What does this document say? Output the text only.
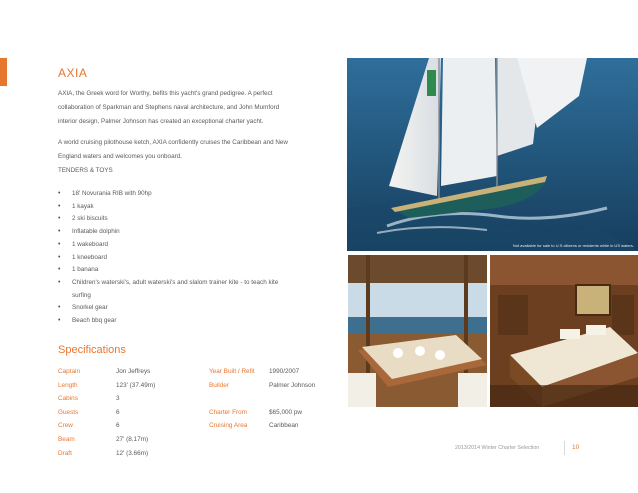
AXIA
AXIA, the Greek word for Worthy, befits this yacht's grand pedigree. A perfect collaboration of Sparkman and Stephens naval architecture, and John Mumford interior design, Palmer Johnson has created an exceptional charter yacht.
A world cruising pilothouse ketch, AXIA confidently cruises the Caribbean and New England waters and welcomes you onboard.
TENDERS & TOYS
• 18' Novurania RIB with 90hp
• 1 kayak
• 2 ski biscuits
• Inflatable dolphin
• 1 wakeboard
• 1 kneeboard
• 1 banana
• Children's waterski's, adult waterski's and slalom trainer kite - to teach kite surfing
• Snorkel gear
• Beach bbq gear
Specifications
Captain	Jon Jeffreys
Length	123' (37.49m)
Cabins	3
Guests	6
Crew	6
Beam	27' (8.17m)
Draft	12' (3.66m)
Year Built / Refit	1990/2007
Builder	Palmer Johnson
Charter From	$65,000 pw
Cruising Area	Caribbean
Not available for sale to U.S citizens or residents while in US waters.
2013/2014 Winter Charter Selection	10
